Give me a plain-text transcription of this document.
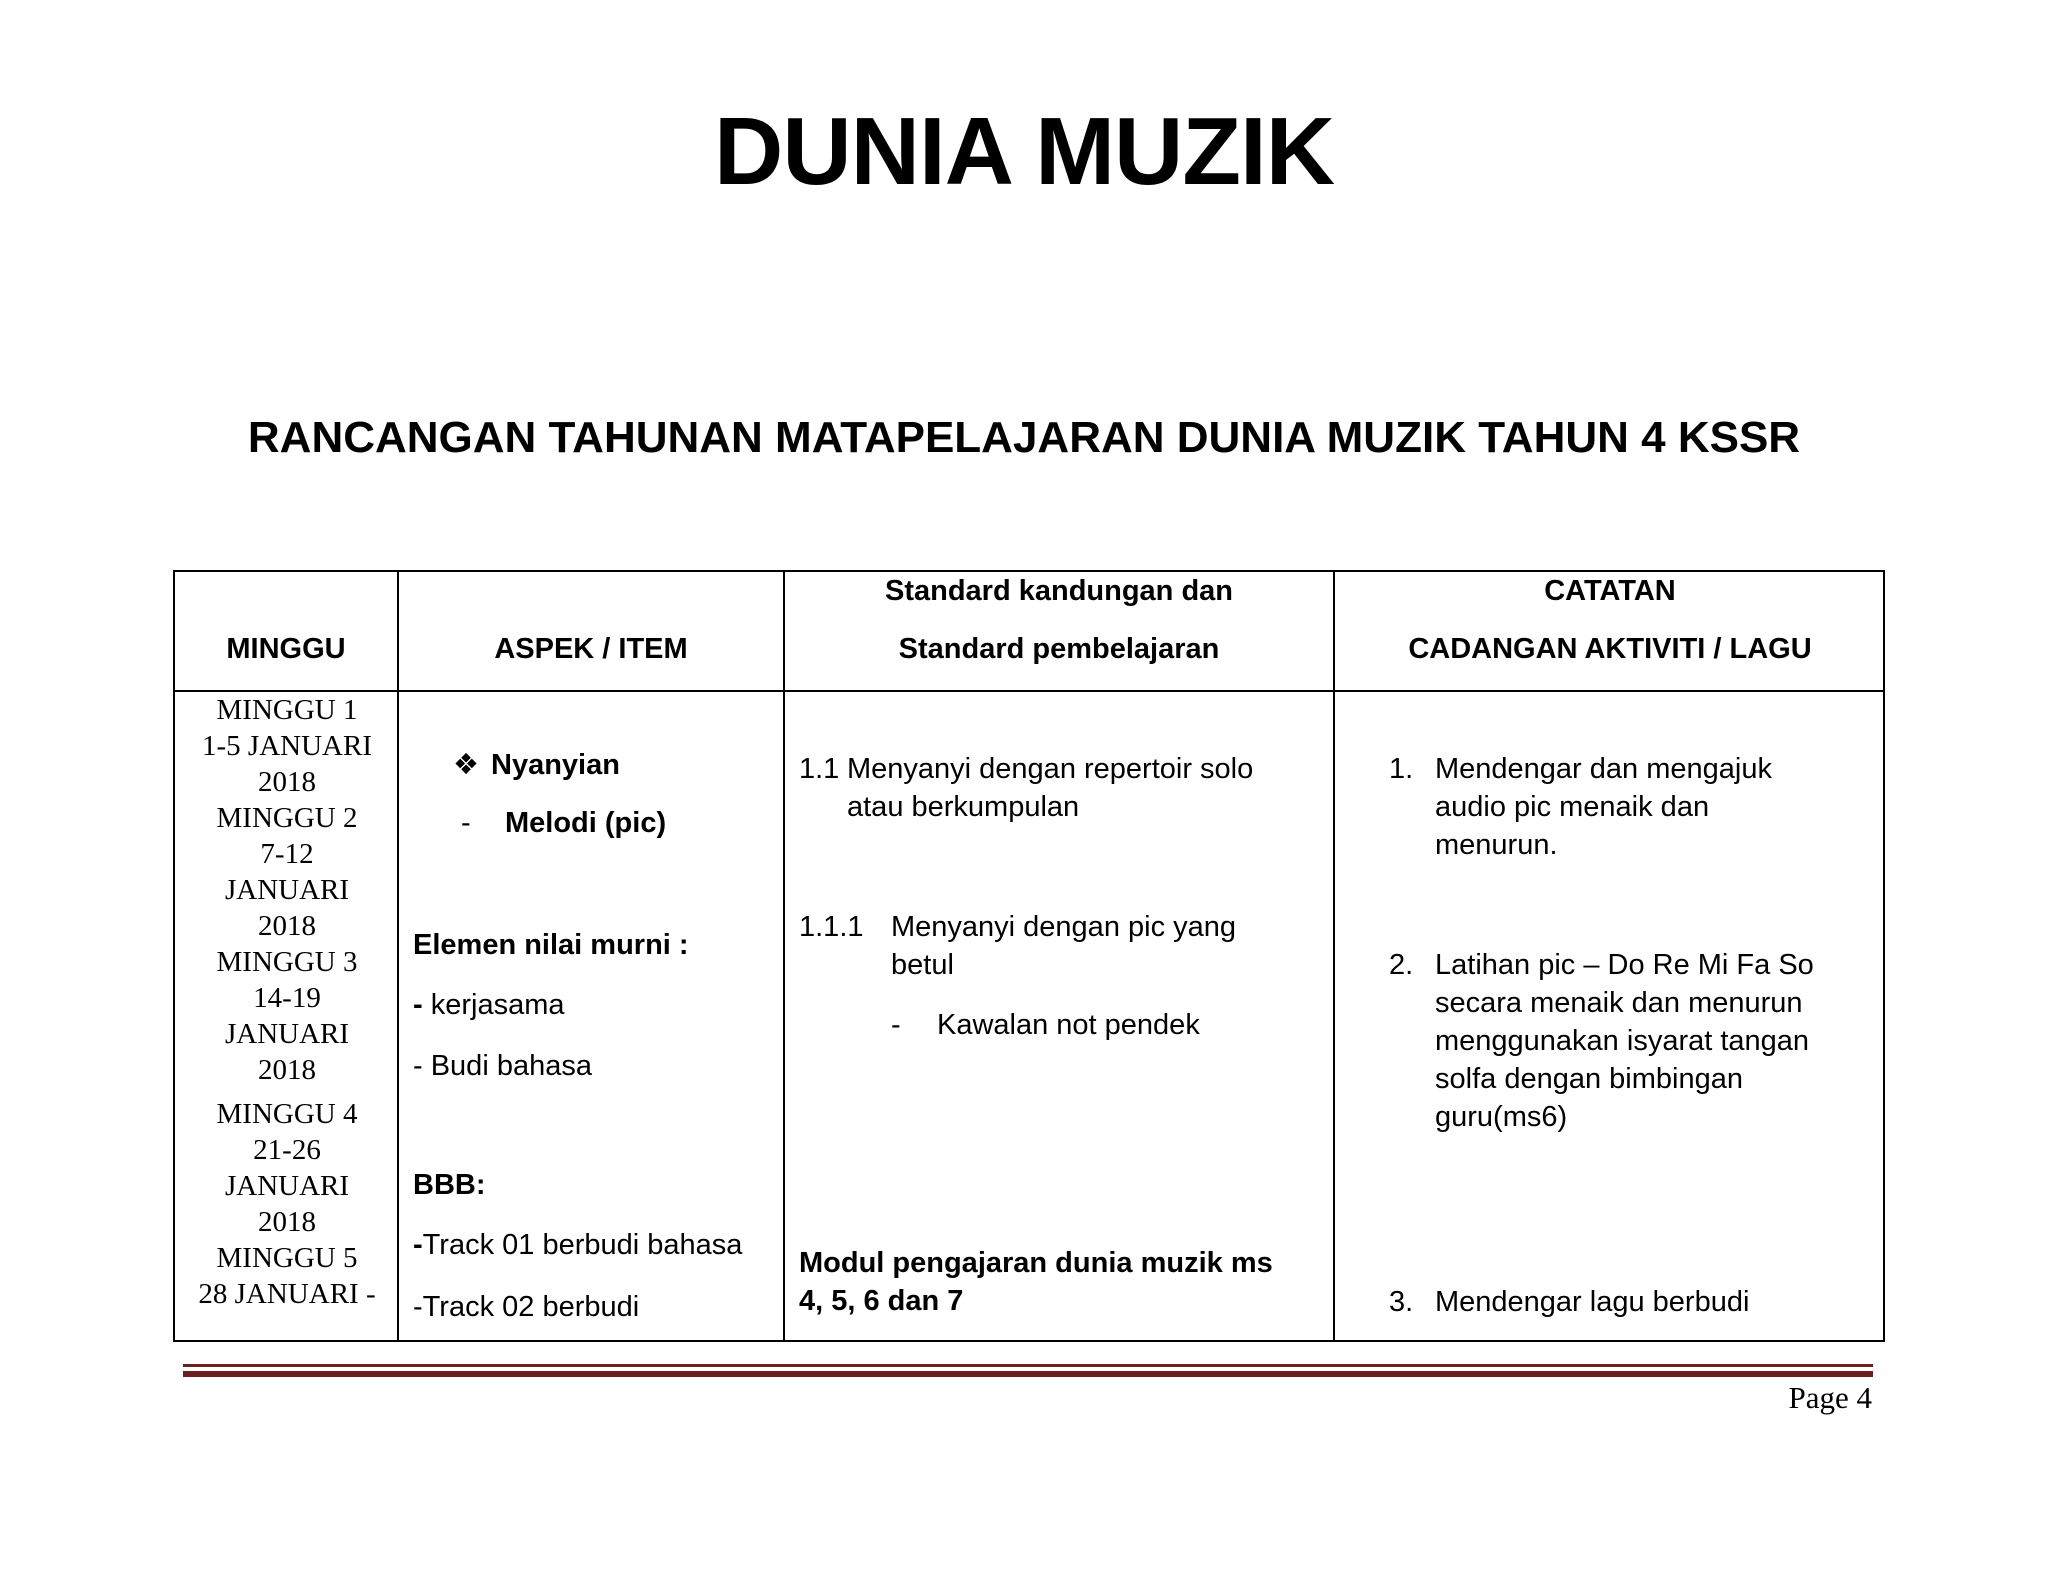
DUNIA MUZIK
RANCANGAN TAHUNAN MATAPELAJARAN DUNIA MUZIK TAHUN 4 KSSR
MINGGU	ASPEK / ITEM
Standard kandungan dan
Standard pembelajaran
CATATAN
CADANGAN AKTIVITI / LAGU
MINGGU 1
1-5 JANUARI
2018
MINGGU 2
7-12
JANUARI
2018
MINGGU 3
14-19
JANUARI
2018
MINGGU 4
21-26
JANUARI
2018
MINGGU 5
28 JANUARI -
❖ Nyanyian
- Melodi (pic)
Elemen nilai murni :
- kerjasama
- Budi bahasa
BBB:
-Track 01 berbudi bahasa
-Track 02 berbudi
1.1 Menyanyi dengan repertoir solo
atau berkumpulan
1.1.1 Menyanyi dengan pic yang
betul
- Kawalan not pendek
Modul pengajaran dunia muzik ms
4, 5, 6 dan 7
1. Mendengar dan mengajuk
audio pic menaik dan
menurun.
2. Latihan pic – Do Re Mi Fa So
secara menaik dan menurun
menggunakan isyarat tangan
solfa dengan bimbingan
guru(ms6)
3. Mendengar lagu berbudi
Page 4
